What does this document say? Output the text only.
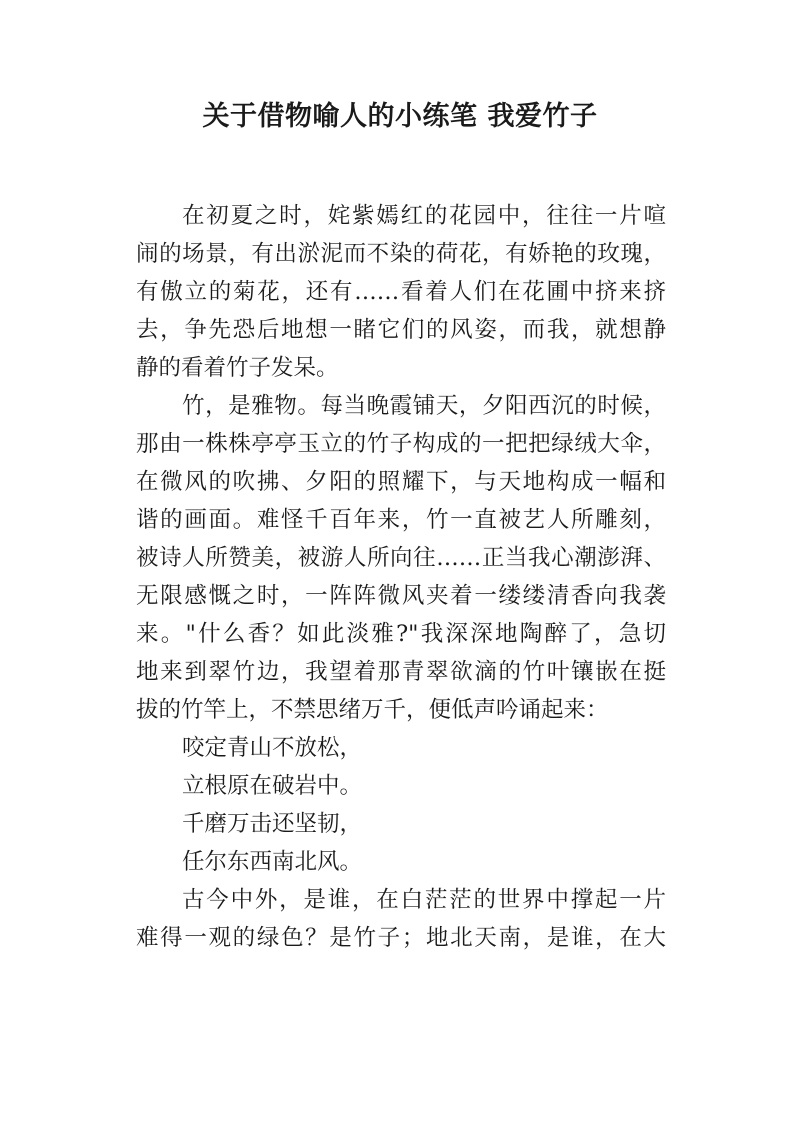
关于借物喻人的小练笔 我爱竹子
在初夏之时，姹紫嫣红的花园中，往往一片喧
闹的场景，有出淤泥而不染的荷花，有娇艳的玫瑰，
有傲立的菊花，还有……看着人们在花圃中挤来挤
去，争先恐后地想一睹它们的风姿，而我，就想静
静的看着竹子发呆。
竹，是雅物。每当晚霞铺天，夕阳西沉的时候，
那由一株株亭亭玉立的竹子构成的一把把绿绒大伞，
在微风的吹拂、夕阳的照耀下，与天地构成一幅和
谐的画面。难怪千百年来，竹一直被艺人所雕刻，
被诗人所赞美，被游人所向往……正当我心潮澎湃、
无限感慨之时，一阵阵微风夹着一缕缕清香向我袭
来。"什么香？如此淡雅?"我深深地陶醉了，急切
地来到翠竹边，我望着那青翠欲滴的竹叶镶嵌在挺
拔的竹竿上，不禁思绪万千，便低声吟诵起来：
咬定青山不放松，
立根原在破岩中。
千磨万击还坚韧，
任尔东西南北风。
古今中外，是谁，在白茫茫的世界中撑起一片
难得一观的绿色？是竹子；地北天南，是谁，在大
